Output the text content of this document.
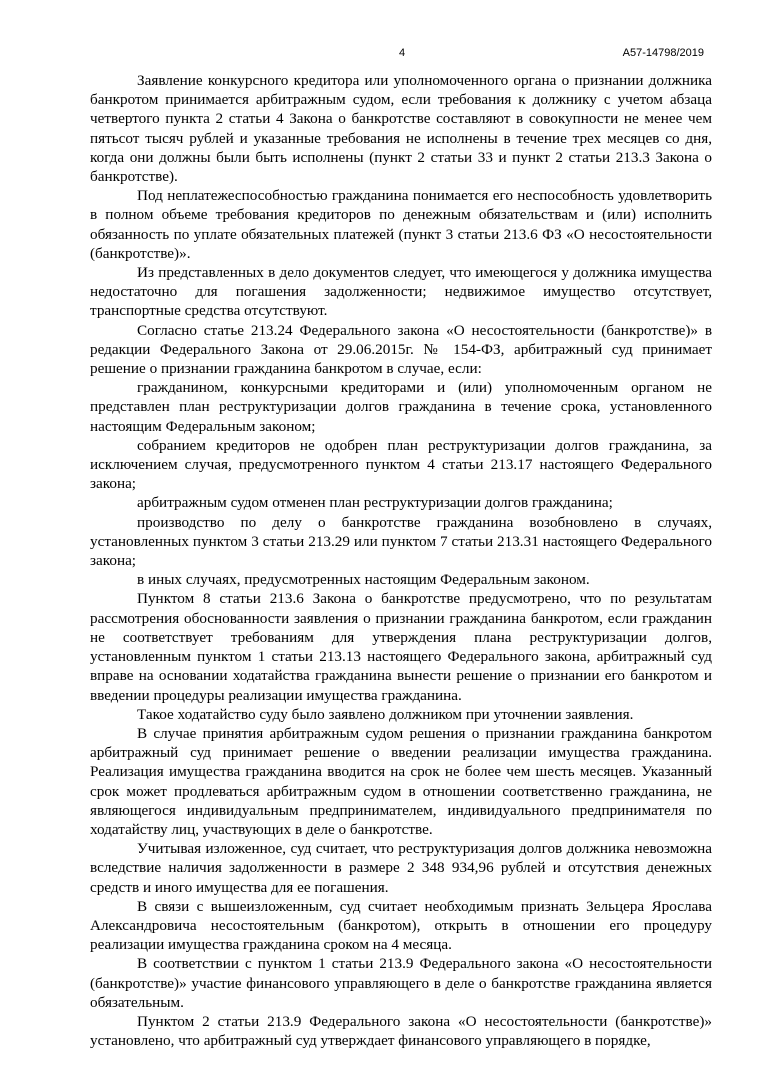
4	А57-14798/2019

Заявление конкурсного кредитора или уполномоченного органа о признании должника банкротом принимается арбитражным судом, если требования к должнику с учетом абзаца четвертого пункта 2 статьи 4 Закона о банкротстве составляют в совокупности не менее чем пятьсот тысяч рублей и указанные требования не исполнены в течение трех месяцев со дня, когда они должны были быть исполнены (пункт 2 статьи 33 и пункт 2 статьи 213.3 Закона о банкротстве).

Под неплатежеспособностью гражданина понимается его неспособность удовлетворить в полном объеме требования кредиторов по денежным обязательствам и (или) исполнить обязанность по уплате обязательных платежей (пункт 3 статьи 213.6 ФЗ «О несостоятельности (банкротстве)».

Из представленных в дело документов следует, что имеющегося у должника имущества недостаточно для погашения задолженности; недвижимое имущество отсутствует, транспортные средства отсутствуют.

Согласно статье 213.24 Федерального закона «О несостоятельности (банкротстве)» в редакции Федерального Закона от 29.06.2015г. № 154-ФЗ, арбитражный суд принимает решение о признании гражданина банкротом в случае, если:

гражданином, конкурсными кредиторами и (или) уполномоченным органом не представлен план реструктуризации долгов гражданина в течение срока, установленного настоящим Федеральным законом;

собранием кредиторов не одобрен план реструктуризации долгов гражданина, за исключением случая, предусмотренного пунктом 4 статьи 213.17 настоящего Федерального закона;

арбитражным судом отменен план реструктуризации долгов гражданина;

производство по делу о банкротстве гражданина возобновлено в случаях, установленных пунктом 3 статьи 213.29 или пунктом 7 статьи 213.31 настоящего Федерального закона;

в иных случаях, предусмотренных настоящим Федеральным законом.

Пунктом 8 статьи 213.6 Закона о банкротстве предусмотрено, что по результатам рассмотрения обоснованности заявления о признании гражданина банкротом, если гражданин не соответствует требованиям для утверждения плана реструктуризации долгов, установленным пунктом 1 статьи 213.13 настоящего Федерального закона, арбитражный суд вправе на основании ходатайства гражданина вынести решение о признании его банкротом и введении процедуры реализации имущества гражданина.

Такое ходатайство суду было заявлено должником при уточнении заявления.

В случае принятия арбитражным судом решения о признании гражданина банкротом арбитражный суд принимает решение о введении реализации имущества гражданина. Реализация имущества гражданина вводится на срок не более чем шесть месяцев. Указанный срок может продлеваться арбитражным судом в отношении соответственно гражданина, не являющегося индивидуальным предпринимателем, индивидуального предпринимателя по ходатайству лиц, участвующих в деле о банкротстве.

Учитывая изложенное, суд считает, что реструктуризация долгов должника невозможна вследствие наличия задолженности в размере 2 348 934,96 рублей и отсутствия денежных средств и иного имущества для ее погашения.

В связи с вышеизложенным, суд считает необходимым признать Зельцера Ярослава Александровича несостоятельным (банкротом), открыть в отношении его процедуру реализации имущества гражданина сроком на 4 месяца.

В соответствии с пунктом 1 статьи 213.9 Федерального закона «О несостоятельности (банкротстве)» участие финансового управляющего в деле о банкротстве гражданина является обязательным.

Пунктом 2 статьи 213.9 Федерального закона «О несостоятельности (банкротстве)» установлено, что арбитражный суд утверждает финансового управляющего в порядке,
